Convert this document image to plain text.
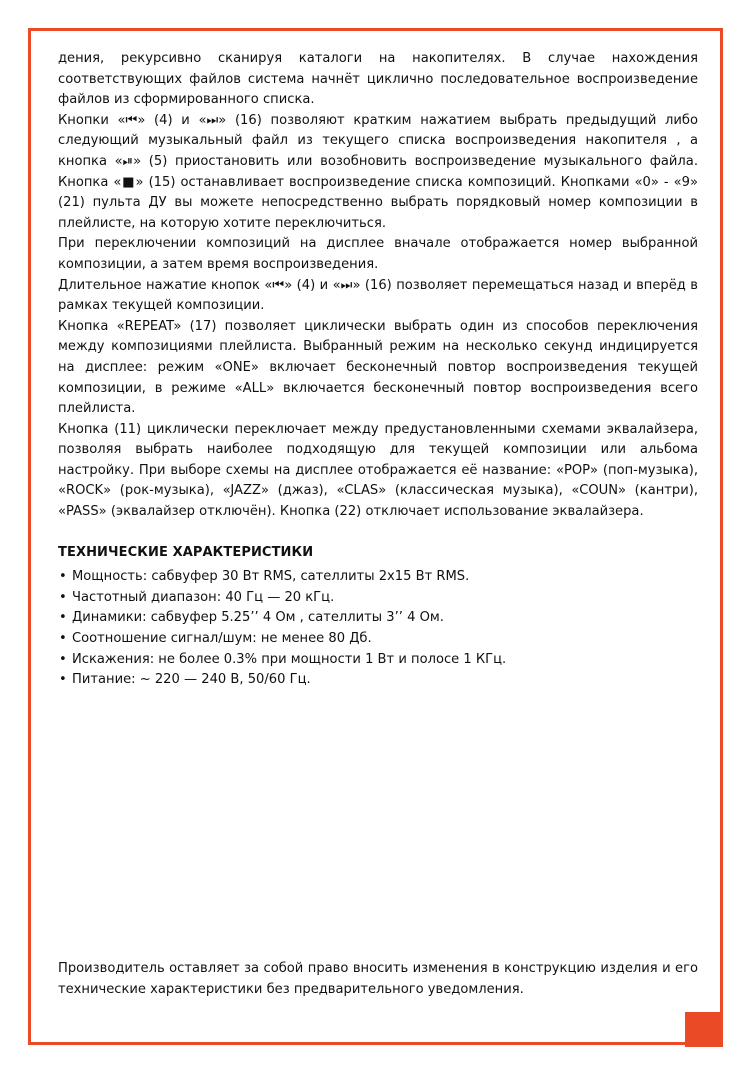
дения, рекурсивно сканируя каталоги на накопителях. В случае нахождения соответствующих файлов система начнёт циклично последовательное воспроизведение файлов из сформированного списка.

Кнопки «⏮» (4) и «⏭» (16) позволяют кратким нажатием выбрать предыдущий либо следующий музыкальный файл из текущего списка воспроизведения накопителя , а кнопка «⏯» (5) приостановить или возобновить воспроизведение музыкального файла. Кнопка «■» (15) останавливает воспроизведение списка композиций. Кнопками «0» - «9» (21) пульта ДУ вы можете непосредственно выбрать порядковый номер композиции в плейлисте, на которую хотите переключиться.

При переключении композиций на дисплее вначале отображается номер выбранной композиции, а затем время воспроизведения.

Длительное нажатие кнопок «⏮» (4) и «⏭» (16) позволяет перемещаться назад и вперёд в рамках текущей композиции.

Кнопка «REPEAT» (17) позволяет циклически выбрать один из способов переключения между композициями плейлиста. Выбранный режим на несколько секунд индицируется на дисплее: режим «ONE» включает бесконечный повтор воспроизведения текущей композиции, в режиме «ALL» включается бесконечный повтор воспроизведения всего плейлиста.

Кнопка (11) циклически переключает между предустановленными схемами эквалайзера, позволяя выбрать наиболее подходящую для текущей композиции или альбома настройку. При выборе схемы на дисплее отображается её название: «POP» (поп-музыка), «ROCK» (рок-музыка), «JAZZ» (джаз), «CLAS» (классическая музыка), «COUN» (кантри), «PASS» (эквалайзер отключён). Кнопка (22) отключает использование эквалайзера.

ТЕХНИЧЕСКИЕ ХАРАКТЕРИСТИКИ
• Мощность: сабвуфер 30 Вт RMS, сателлиты 2x15 Вт RMS.
• Частотный диапазон: 40 Гц — 20 кГц.
• Динамики: сабвуфер 5.25’’ 4 Ом , сателлиты 3’’ 4 Ом.
• Соотношение сигнал/шум: не менее 80 Дб.
• Искажения: не более 0.3% при мощности 1 Вт и полосе 1 КГц.
• Питание: ~ 220 — 240 В, 50/60 Гц.

Производитель оставляет за собой право вносить изменения в конструкцию изделия и его технические характеристики без предварительного уведомления.
